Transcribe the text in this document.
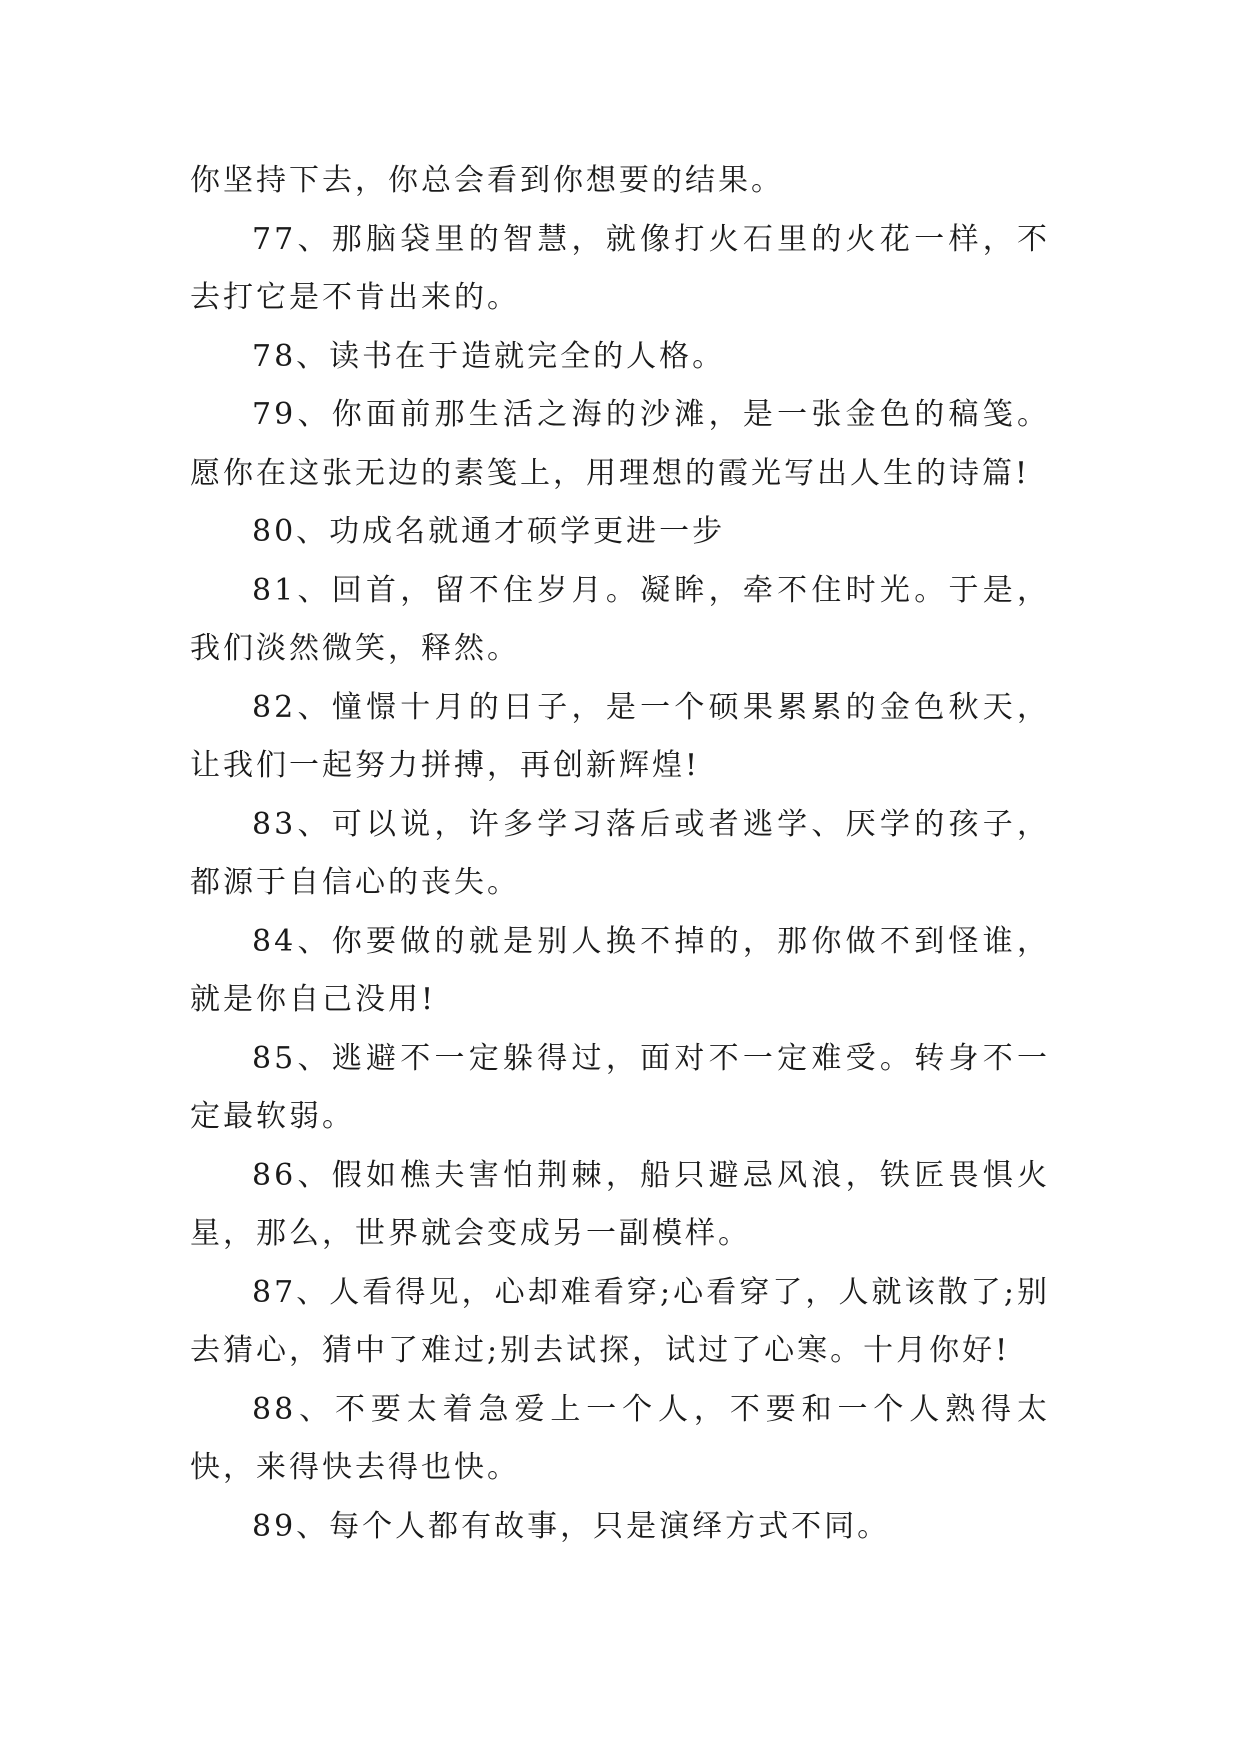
你坚持下去，你总会看到你想要的结果。

77、那脑袋里的智慧，就像打火石里的火花一样，不去打它是不肯出来的。

78、读书在于造就完全的人格。

79、你面前那生活之海的沙滩，是一张金色的稿笺。愿你在这张无边的素笺上，用理想的霞光写出人生的诗篇!

80、功成名就通才硕学更进一步

81、回首，留不住岁月。凝眸，牵不住时光。于是，我们淡然微笑，释然。

82、憧憬十月的日子，是一个硕果累累的金色秋天，让我们一起努力拼搏，再创新辉煌!

83、可以说，许多学习落后或者逃学、厌学的孩子，都源于自信心的丧失。

84、你要做的就是别人换不掉的，那你做不到怪谁，就是你自己没用!

85、逃避不一定躲得过，面对不一定难受。转身不一定最软弱。

86、假如樵夫害怕荆棘，船只避忌风浪，铁匠畏惧火星，那么，世界就会变成另一副模样。

87、人看得见，心却难看穿;心看穿了，人就该散了;别去猜心，猜中了难过;别去试探，试过了心寒。十月你好!

88、不要太着急爱上一个人，不要和一个人熟得太快，来得快去得也快。

89、每个人都有故事，只是演绎方式不同。
